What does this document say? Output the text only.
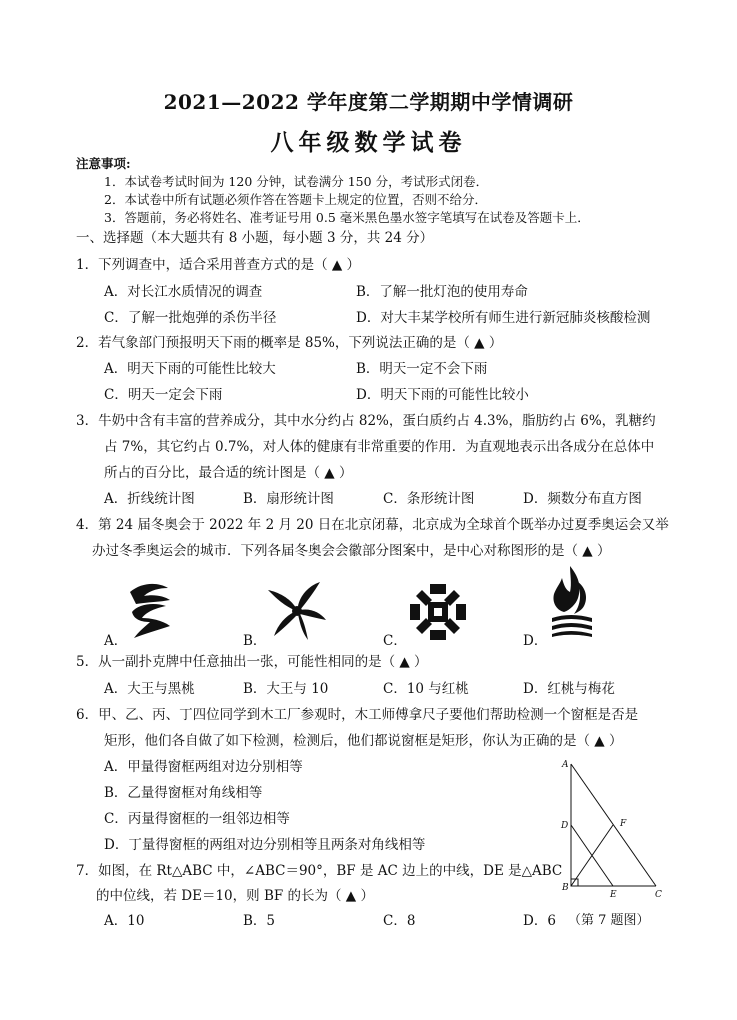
2021—2022 学年度第二学期期中学情调研
八年级数学试卷
注意事项:
1．本试卷考试时间为 120 分钟，试卷满分 150 分，考试形式闭卷．
2．本试卷中所有试题必须作答在答题卡上规定的位置，否则不给分．
3．答题前，务必将姓名、准考证号用 0.5 毫米黑色墨水签字笔填写在试卷及答题卡上．
一、选择题（本大题共有 8 小题，每小题 3 分，共 24 分）
1．下列调查中，适合采用普查方式的是（ ▲ ）
A．对长江水质情况的调查	B．了解一批灯泡的使用寿命
C．了解一批炮弹的杀伤半径	D．对大丰某学校所有师生进行新冠肺炎核酸检测
2．若气象部门预报明天下雨的概率是 85%，下列说法正确的是（ ▲ ）
A．明天下雨的可能性比较大	B．明天一定不会下雨
C．明天一定会下雨	D．明天下雨的可能性比较小
3．牛奶中含有丰富的营养成分，其中水分约占 82%，蛋白质约占 4.3%，脂肪约占 6%，乳糖约
占 7%，其它约占 0.7%，对人体的健康有非常重要的作用．为直观地表示出各成分在总体中
所占的百分比，最合适的统计图是（ ▲ ）
A．折线统计图	B．扇形统计图	C．条形统计图	D．频数分布直方图
4．第 24 届冬奥会于 2022 年 2 月 20 日在北京闭幕，北京成为全球首个既举办过夏季奥运会又举
办过冬季奥运会的城市．下列各届冬奥会会徽部分图案中，是中心对称图形的是（ ▲ ）
A．	B．	C．	D．
5．从一副扑克牌中任意抽出一张，可能性相同的是（ ▲ ）
A．大王与黑桃	B．大王与 10	C．10 与红桃	D．红桃与梅花
6．甲、乙、丙、丁四位同学到木工厂参观时，木工师傅拿尺子要他们帮助检测一个窗框是否是
矩形，他们各自做了如下检测，检测后，他们都说窗框是矩形，你认为正确的是（ ▲ ）
A．甲量得窗框两组对边分别相等
B．乙量得窗框对角线相等
C．丙量得窗框的一组邻边相等
D．丁量得窗框的两组对边分别相等且两条对角线相等
7．如图，在 Rt△ABC 中，∠ABC＝90°，BF 是 AC 边上的中线，DE 是△ABC
的中位线，若 DE＝10，则 BF 的长为（ ▲ ）
A．10	B．5	C．8	D．6 （第 7 题图）
A
D
B
E	C
F
